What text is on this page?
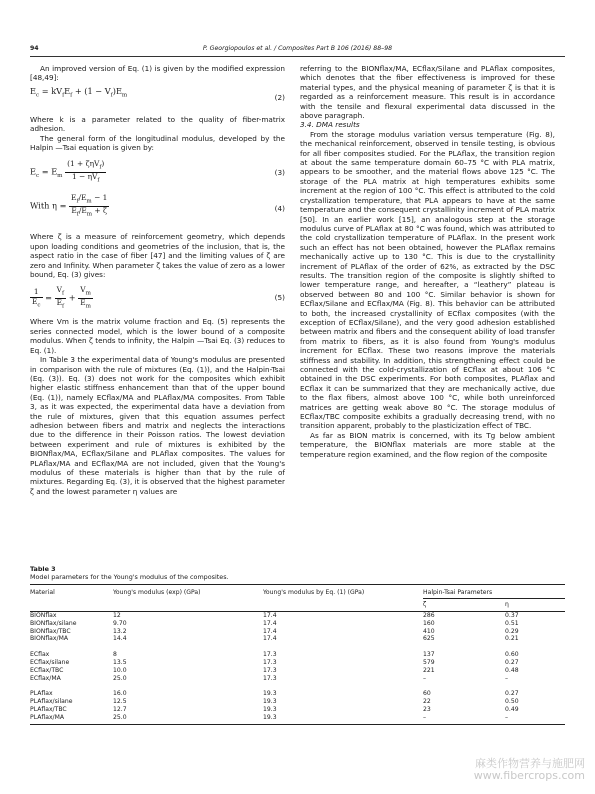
94	P. Georgiopoulos et al. / Composites Part B 106 (2016) 88–98

An improved version of Eq. (1) is given by the modified expression [48,49]:

$E_c = kV_fE_f + (1 - V_f)E_m$	(2)

Where k is a parameter related to the quality of fiber-matrix adhesion.

The general form of the longitudinal modulus, developed by the Halpin —Tsai equation is given by:

$E_c = E_m \frac{(1 + \zeta\eta V_f)}{1 - \eta V_f}$	(3)
With $\eta = \frac{E_f/E_m - 1}{E_f/E_m + \zeta}$	(4)

Where ζ is a measure of reinforcement geometry, which depends upon loading conditions and geometries of the inclusion, that is, the aspect ratio in the case of fiber [47] and the limiting values of ζ are zero and Infinity. When parameter ζ takes the value of zero as a lower bound, Eq. (3) gives:

$\frac{1}{E_c} = \frac{V_f}{E_f} + \frac{V_m}{E_m}$	(5)

Where Vm is the matrix volume fraction and Eq. (5) represents the series connected model, which is the lower bound of a composite modulus. When ζ tends to infinity, the Halpin —Tsai Eq. (3) reduces to Eq. (1).

In Table 3 the experimental data of Young's modulus are presented in comparison with the rule of mixtures (Eq. (1)), and the Halpin-Tsai (Eq. (3)). Eq. (3) does not work for the composites which exhibit higher elastic stiffness enhancement than that of the upper bound (Eq. (1)), namely ECflax/MA and PLAflax/MA composites. From Table 3, as it was expected, the experimental data have a deviation from the rule of mixtures, given that this equation assumes perfect adhesion between fibers and matrix and neglects the interactions due to the difference in their Poisson ratios. The lowest deviation between experiment and rule of mixtures is exhibited by the BIONflax/MA, ECflax/Silane and PLAflax composites. The values for PLAflax/MA and ECflax/MA are not included, given that the Young's modulus of these materials is higher than that by the rule of mixtures. Regarding Eq. (3), it is observed that the highest parameter ζ and the lowest parameter η values are

referring to the BIONflax/MA, ECflax/Silane and PLAflax composites, which denotes that the fiber effectiveness is improved for these material types, and the physical meaning of parameter ζ is that it is regarded as a reinforcement measure. This result is in accordance with the tensile and flexural experimental data discussed in the above paragraph.

3.4. DMA results

From the storage modulus variation versus temperature (Fig. 8), the mechanical reinforcement, observed in tensile testing, is obvious for all fiber composites studied. For the PLAflax, the transition region at about the same temperature domain 60–75 °C with PLA matrix, appears to be smoother, and the material flows above 125 °C. The storage of the PLA matrix at high temperatures exhibits some increment at the region of 100 °C. This effect is attributed to the cold crystallization temperature, that PLA appears to have at the same temperature and the consequent crystallinity increment of PLA matrix [50]. In an earlier work [15], an analogous step at the storage modulus curve of PLAflax at 80 °C was found, which was attributed to the cold crystallization temperature of PLAflax. In the present work such an effect has not been obtained, however the PLAflax remains mechanically active up to 130 °C. This is due to the crystallinity increment of PLAflax of the order of 62%, as extracted by the DSC results. The transition region of the composite is slightly shifted to lower temperature range, and hereafter, a “leathery” plateau is observed between 80 and 100 °C. Similar behavior is shown for ECflax/Silane and ECflax/MA (Fig. 8). This behavior can be attributed to both, the increased crystallinity of ECflax composites (with the exception of ECflax/Silane), and the very good adhesion established between matrix and fibers and the consequent ability of load transfer from matrix to fibers, as it is also found from Young's modulus increment for ECflax. These two reasons improve the materials stiffness and stability. In addition, this strengthening effect could be connected with the cold-crystallization of ECflax at about 106 °C obtained in the DSC experiments. For both composites, PLAflax and ECflax it can be summarized that they are mechanically active, due to the flax fibers, almost above 100 °C, while both unreinforced matrices are getting weak above 80 °C. The storage modulus of ECflax/TBC composite exhibits a gradually decreasing trend, with no transition apparent, probably to the plasticization effect of TBC.

As far as BION matrix is concerned, with its Tg below ambient temperature, the BIONflax materials are more stable at the temperature region examined, and the flow region of the composite

Table 3
Model parameters for the Young's modulus of the composites.
Material	Young's modulus (exp) (GPa)	Young's modulus by Eq. (1) (GPa)	Halpin-Tsai Parameters	
			ζ	η
BIONflax	12	17.4	286	0.37
BIONflax/silane	9.70	17.4	160	0.51
BIONflax/TBC	13.2	17.4	410	0.29
BIONflax/MA	14.4	17.4	625	0.21

ECflax	8	17.3	137	0.60
ECflax/silane	13.5	17.3	579	0.27
ECflax/TBC	10.0	17.3	221	0.48
ECflax/MA	25.0	17.3	–	–

PLAflax	16.0	19.3	60	0.27
PLAflax/silane	12.5	19.3	22	0.50
PLAflax/TBC	12.7	19.3	23	0.49
PLAflax/MA	25.0	19.3	–	–
麻类作物营养与施肥网
www.fibercrops.com
